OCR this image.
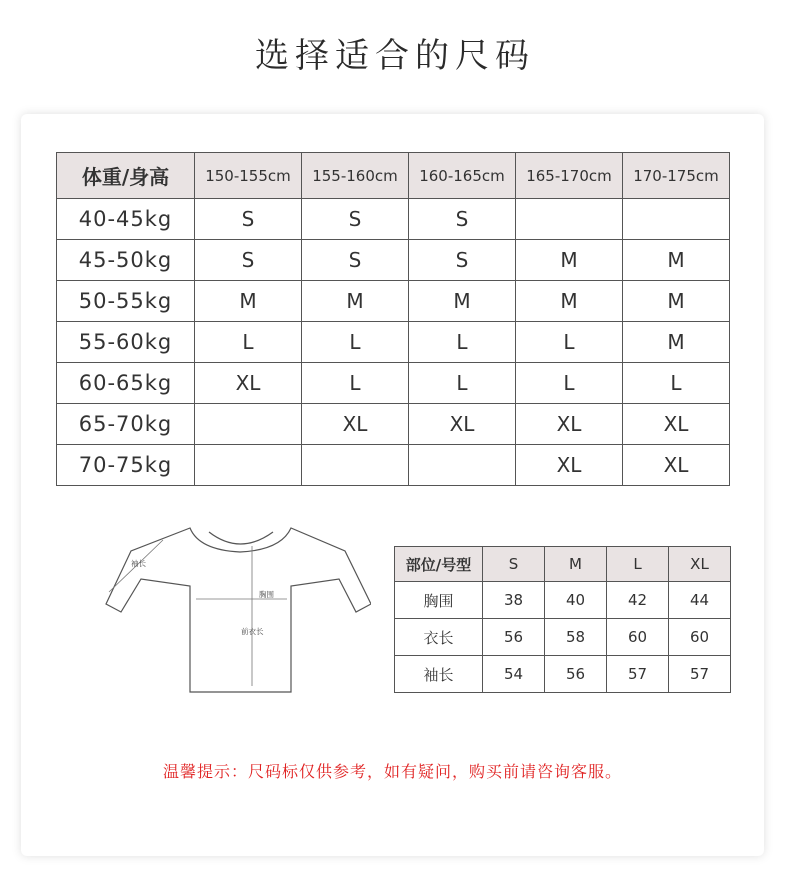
选择适合的尺码
体重/身高	150-155cm	155-160cm	160-165cm	165-170cm	170-175cm
40-45kg	S	S	S		
45-50kg	S	S	S	M	M
50-55kg	M	M	M	M	M
55-60kg	L	L	L	L	M
60-65kg	XL	L	L	L	L
65-70kg		XL	XL	XL	XL
70-75kg				XL	XL
袖长
胸围
前衣长
部位/号型	S	M	L	XL
胸围	38	40	42	44
衣长	56	58	60	60
袖长	54	56	57	57
温馨提示：尺码标仅供参考，如有疑问，购买前请咨询客服。
